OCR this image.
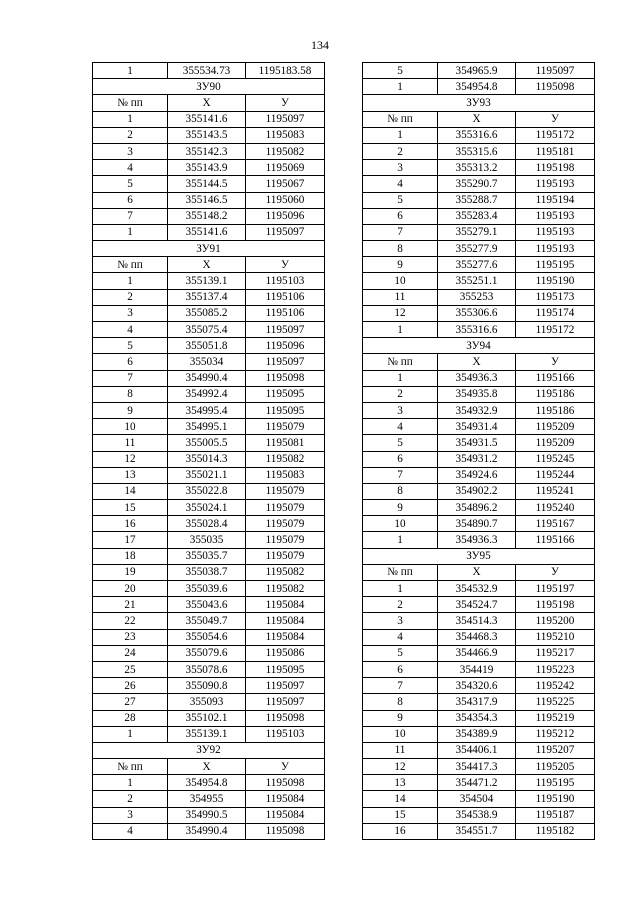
134
1	355534.73	1195183.58
ЗУ90		
№ пп	X	У
1	355141.6	1195097
2	355143.5	1195083
3	355142.3	1195082
4	355143.9	1195069
5	355144.5	1195067
6	355146.5	1195060
7	355148.2	1195096
1	355141.6	1195097
ЗУ91		
№ пп	X	У
1	355139.1	1195103
2	355137.4	1195106
3	355085.2	1195106
4	355075.4	1195097
5	355051.8	1195096
6	355034	1195097
7	354990.4	1195098
8	354992.4	1195095
9	354995.4	1195095
10	354995.1	1195079
11	355005.5	1195081
12	355014.3	1195082
13	355021.1	1195083
14	355022.8	1195079
15	355024.1	1195079
16	355028.4	1195079
17	355035	1195079
18	355035.7	1195079
19	355038.7	1195082
20	355039.6	1195082
21	355043.6	1195084
22	355049.7	1195084
23	355054.6	1195084
24	355079.6	1195086
25	355078.6	1195095
26	355090.8	1195097
27	355093	1195097
28	355102.1	1195098
1	355139.1	1195103
ЗУ92		
№ пп	X	У
1	354954.8	1195098
2	354955	1195084
3	354990.5	1195084
4	354990.4	1195098
5	354965.9	1195097
1	354954.8	1195098
ЗУ93		
№ пп	X	У
1	355316.6	1195172
2	355315.6	1195181
3	355313.2	1195198
4	355290.7	1195193
5	355288.7	1195194
6	355283.4	1195193
7	355279.1	1195193
8	355277.9	1195193
9	355277.6	1195195
10	355251.1	1195190
11	355253	1195173
12	355306.6	1195174
1	355316.6	1195172
ЗУ94		
№ пп	X	У
1	354936.3	1195166
2	354935.8	1195186
3	354932.9	1195186
4	354931.4	1195209
5	354931.5	1195209
6	354931.2	1195245
7	354924.6	1195244
8	354902.2	1195241
9	354896.2	1195240
10	354890.7	1195167
1	354936.3	1195166
ЗУ95		
№ пп	X	У
1	354532.9	1195197
2	354524.7	1195198
3	354514.3	1195200
4	354468.3	1195210
5	354466.9	1195217
6	354419	1195223
7	354320.6	1195242
8	354317.9	1195225
9	354354.3	1195219
10	354389.9	1195212
11	354406.1	1195207
12	354417.3	1195205
13	354471.2	1195195
14	354504	1195190
15	354538.9	1195187
16	354551.7	1195182
